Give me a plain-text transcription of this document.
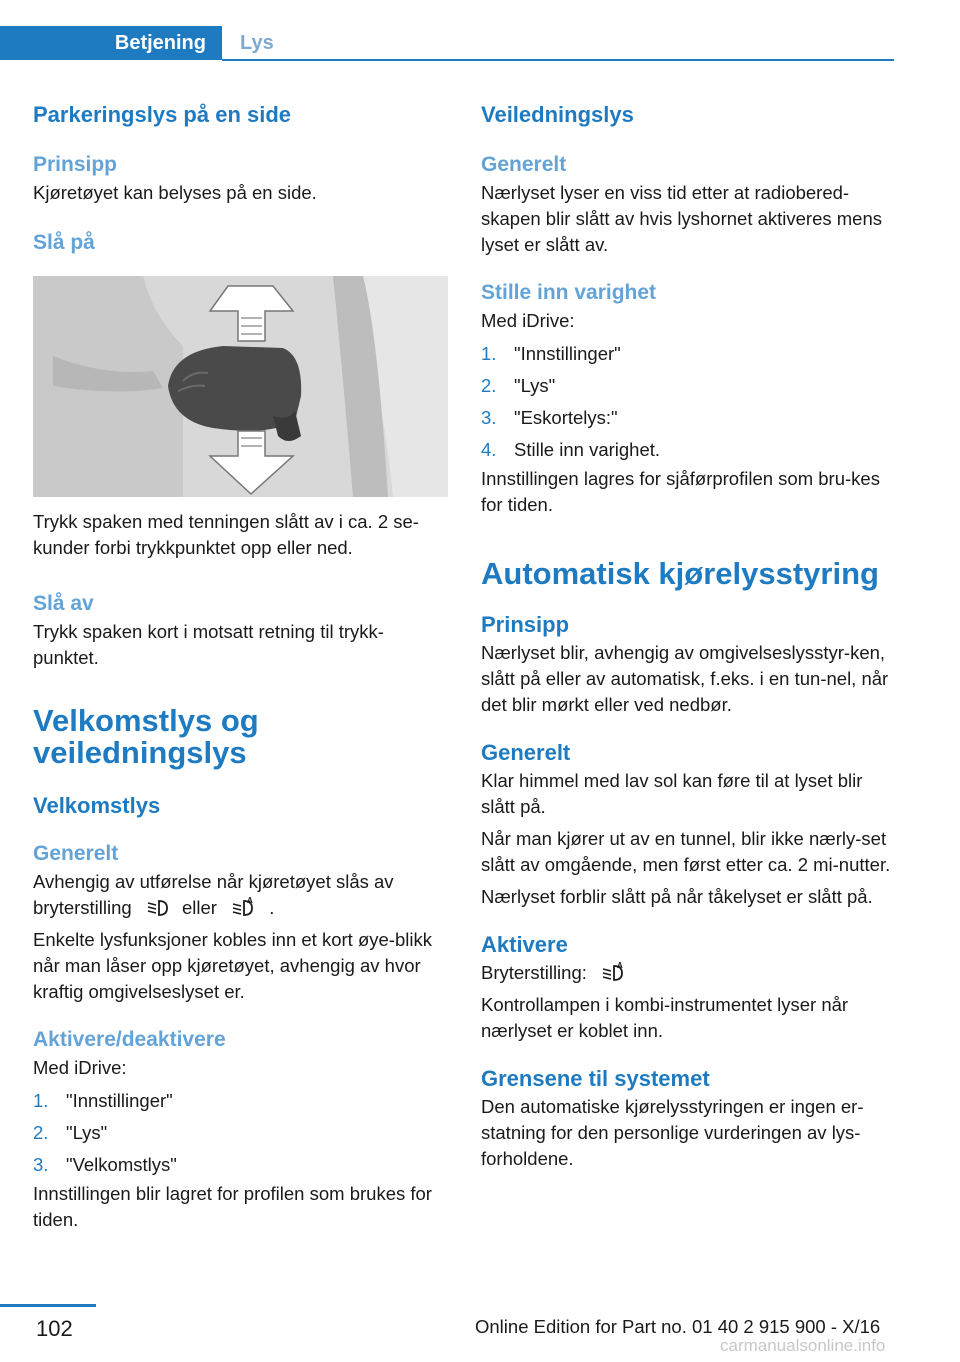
Betjening	Lys
Parkeringslys på en side
Prinsipp
Kjøretøyet kan belyses på en side.
Slå på
Trykk spaken med tenningen slått av i ca. 2 se-kunder forbi trykkpunktet opp eller ned.
Slå av
Trykk spaken kort i motsatt retning til trykk-punktet.
Velkomstlys og
veiledningslys
Velkomstlys
Generelt
Avhengig av utførelse når kjøretøyet slås av bryterstilling	eller	A .
Enkelte lysfunksjoner kobles inn et kort øye-blikk når man låser opp kjøretøyet, avhengig av hvor kraftig omgivelseslyset er.
Aktivere/deaktivere
Med iDrive:
1. "Innstillinger"
2. "Lys"
3. "Velkomstlys"
Innstillingen blir lagret for profilen som brukes for tiden.
Veiledningslys
Generelt
Nærlyset lyser en viss tid etter at radiobered-skapen blir slått av hvis lyshornet aktiveres mens lyset er slått av.
Stille inn varighet
Med iDrive:
1. "Innstillinger"
2. "Lys"
3. "Eskortelys:"
4. Stille inn varighet.
Innstillingen lagres for sjåførprofilen som bru-kes for tiden.
Automatisk kjørelysstyring
Prinsipp
Nærlyset blir, avhengig av omgivelseslysstyr-ken, slått på eller av automatisk, f.eks. i en tun-nel, når det blir mørkt eller ved nedbør.
Generelt
Klar himmel med lav sol kan føre til at lyset blir slått på.
Når man kjører ut av en tunnel, blir ikke nærly-set slått av omgående, men først etter ca. 2 mi-nutter.
Nærlyset forblir slått på når tåkelyset er slått på.
Aktivere
Bryterstilling:	A
Kontrollampen i kombi-instrumentet lyser når nærlyset er koblet inn.
Grensene til systemet
Den automatiske kjørelysstyringen er ingen er-statning for den personlige vurderingen av lys-forholdene.
102	Online Edition for Part no. 01 40 2 915 900 - X/16
carmanualsonline.info
